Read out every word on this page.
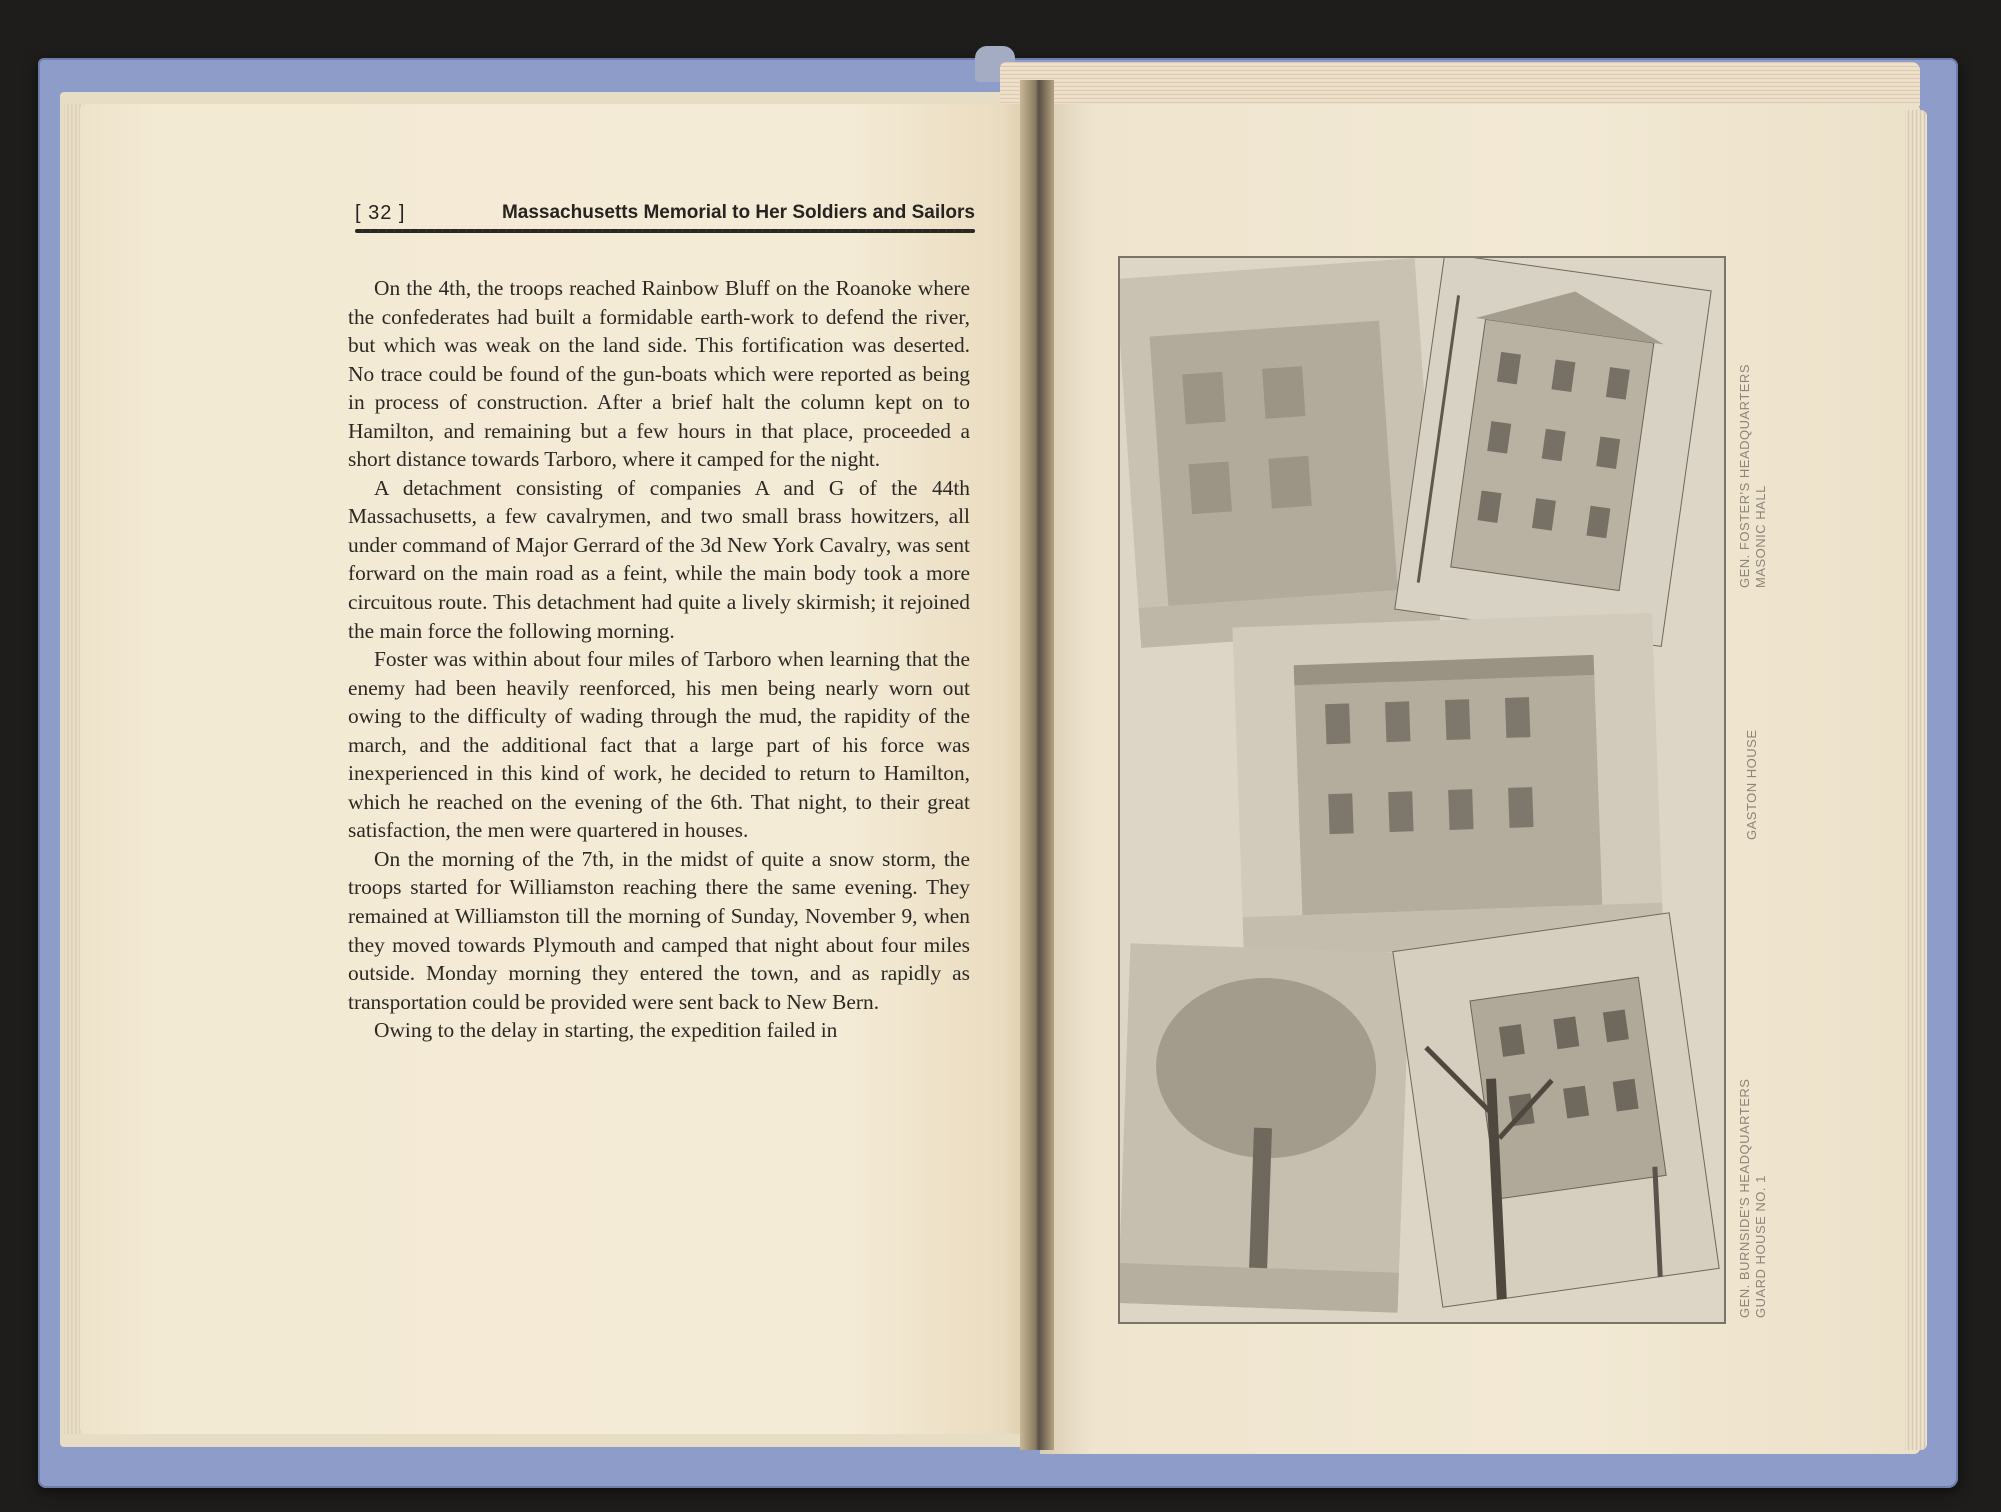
[ 32 ]	Massachusetts Memorial to Her Soldiers and Sailors

On the 4th, the troops reached Rainbow Bluff on the Roanoke where the confederates had built a formidable earth-work to defend the river, but which was weak on the land side. This fortification was deserted. No trace could be found of the gun-boats which were reported as being in process of construction. After a brief halt the column kept on to Hamilton, and remaining but a few hours in that place, proceeded a short distance towards Tarboro, where it camped for the night.

A detachment consisting of companies A and G of the 44th Massachusetts, a few cavalrymen, and two small brass howitzers, all under command of Major Gerrard of the 3d New York Cavalry, was sent forward on the main road as a feint, while the main body took a more circuitous route. This detachment had quite a lively skirmish; it rejoined the main force the following morning.

Foster was within about four miles of Tarboro when learning that the enemy had been heavily reenforced, his men being nearly worn out owing to the difficulty of wading through the mud, the rapidity of the march, and the additional fact that a large part of his force was inexperienced in this kind of work, he decided to return to Hamilton, which he reached on the evening of the 6th. That night, to their great satisfaction, the men were quartered in houses.

On the morning of the 7th, in the midst of quite a snow storm, the troops started for Williamston reaching there the same evening. They remained at Williamston till the morning of Sunday, November 9, when they moved towards Plymouth and camped that night about four miles outside. Monday morning they entered the town, and as rapidly as transportation could be provided were sent back to New Bern.

Owing to the delay in starting, the expedition failed in

GEN. FOSTER'S HEADQUARTERS MASONIC HALL
GASTON HOUSE
GEN. BURNSIDE'S HEADQUARTERS GUARD HOUSE NO. 1
